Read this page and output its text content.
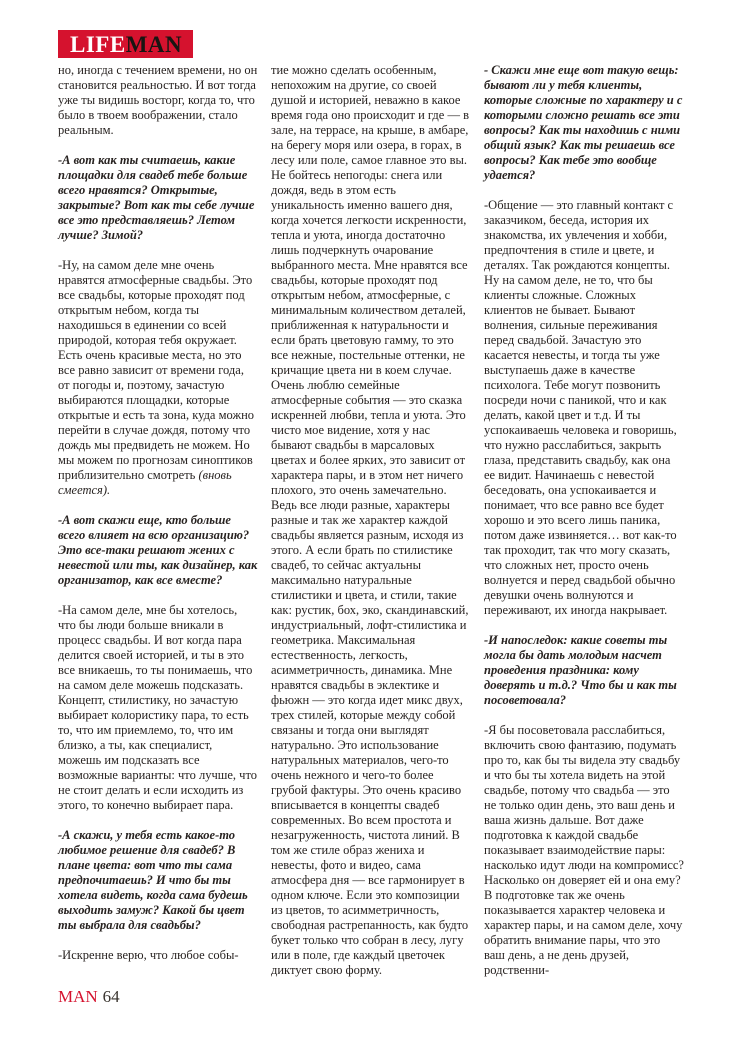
LIFE MAN

но, иногда с течением времени, но он становится реальностью. И вот тогда уже ты видишь восторг, когда то, что было в твоем воображении, стало реальным.

-А вот как ты считаешь, какие площадки для свадеб тебе больше всего нравятся? Открытые, закрытые? Вот как ты себе лучше все это представляешь? Летом лучше? Зимой?

-Ну, на самом деле мне очень нравятся атмосферные свадьбы. Это все свадьбы, которые проходят под открытым небом, когда ты находишься в единении со всей природой, которая тебя окружает. Есть очень красивые места, но это все равно зависит от времени года, от погоды и, поэтому, зачастую выбираются площадки, которые открытые и есть та зона, куда можно перейти в случае дождя, потому что дождь мы предвидеть не можем. Но мы можем по прогнозам синоптиков приблизительно смотреть (вновь смеется).

-А вот скажи еще, кто больше всего влияет на всю организацию? Это все-таки решают жених с невестой или ты, как дизайнер, как организатор, как все вместе?

-На самом деле, мне бы хотелось, что бы люди больше вникали в процесс свадьбы. И вот когда пара делится своей историей, и ты в это все вникаешь, то ты понимаешь, что на самом деле можешь подсказать. Концепт, стилистику, но зачастую выбирает колористику пара, то есть то, что им приемлемо, то, что им близко, а ты, как специалист, можешь им подсказать все возможные варианты: что лучше, что не стоит делать и если исходить из этого, то конечно выбирает пара.

-А скажи, у тебя есть какое-то любимое решение для свадеб? В плане цвета: вот что ты сама предпочитаешь? И что бы ты хотела видеть, когда сама будешь выходить замуж? Какой бы цвет ты выбрала для свадьбы?

-Искренне верю, что любое собы-

тие можно сделать особенным, непохожим на другие, со своей душой и историей, неважно в какое время года оно происходит и где — в зале, на террасе, на крыше, в амбаре, на берегу моря или озера, в горах, в лесу или поле, самое главное это вы. Не бойтесь непогоды: снега или дождя, ведь в этом есть уникальность именно вашего дня, когда хочется легкости искренности, тепла и уюта, иногда достаточно лишь подчеркнуть очарование выбранного места. Мне нравятся все свадьбы, которые проходят под открытым небом, атмосферные, с минимальным количеством деталей, приближенная к натуральности и если брать цветовую гамму, то это все нежные, постельные оттенки, не кричащие цвета ни в коем случае. Очень люблю семейные атмосферные события — это сказка искренней любви, тепла и уюта. Это чисто мое видение, хотя у нас бывают свадьбы в марсаловых цветах и более ярких, это зависит от характера пары, и в этом нет ничего плохого, это очень замечательно. Ведь все люди разные, характеры разные и так же характер каждой свадьбы является разным, исходя из этого. А если брать по стилистике свадеб, то сейчас актуальны максимально натуральные стилистики и цвета, и стили, такие как: рустик, бох, эко, скандинавский, индустриальный, лофт-стилистика и геометрика. Максимальная естественность, легкость, асимметричность, динамика. Мне нравятся свадьбы в эклектике и фьюжн — это когда идет микс двух, трех стилей, которые между собой связаны и тогда они выглядят натурально. Это использование натуральных материалов, чего-то очень нежного и чего-то более грубой фактуры. Это очень красиво вписывается в концепты свадеб современных. Во всем простота и незагруженность, чистота линий. В том же стиле образ жениха и невесты, фото и видео, сама атмосфера дня — все гармонирует в одном ключе. Если это композиции из цветов, то асимметричность, свободная растрепанность, как будто букет только что собран в лесу, лугу или в поле, где каждый цветочек диктует свою форму.

- Скажи мне еще вот такую вещь: бывают ли у тебя клиенты, которые сложные по характеру и с которыми сложно решать все эти вопросы? Как ты находишь с ними общий язык? Как ты решаешь все вопросы? Как тебе это вообще удается?

-Общение — это главный контакт с заказчиком, беседа, история их знакомства, их увлечения и хобби, предпочтения в стиле и цвете, и деталях. Так рождаются концепты. Ну на самом деле, не то, что бы клиенты сложные. Сложных клиентов не бывает. Бывают волнения, сильные переживания перед свадьбой. Зачастую это касается невесты, и тогда ты уже выступаешь даже в качестве психолога. Тебе могут позвонить посреди ночи с паникой, что и как делать, какой цвет и т.д. И ты успокаиваешь человека и говоришь, что нужно расслабиться, закрыть глаза, представить свадьбу, как она ее видит. Начинаешь с невестой беседовать, она успокаивается и понимает, что все равно все будет хорошо и это всего лишь паника, потом даже извиняется… вот как-то так проходит, так что могу сказать, что сложных нет, просто очень волнуется и перед свадьбой обычно девушки очень волнуются и переживают, их иногда накрывает.

-И напоследок: какие советы ты могла бы дать молодым насчет проведения праздника: кому доверять и т.д.? Что бы и как ты посоветовала?

-Я бы посоветовала расслабиться, включить свою фантазию, подумать про то, как бы ты видела эту свадьбу и что бы ты хотела видеть на этой свадьбе, потому что свадьба — это не только один день, это ваш день и ваша жизнь дальше. Вот даже подготовка к каждой свадьбе показывает взаимодействие пары: насколько идут люди на компромисс? Насколько он доверяет ей и она ему? В подготовке так же очень показывается характер человека и характер пары, и на самом деле, хочу обратить внимание пары, что это ваш день, а не день друзей, родственни-

MAN 64
